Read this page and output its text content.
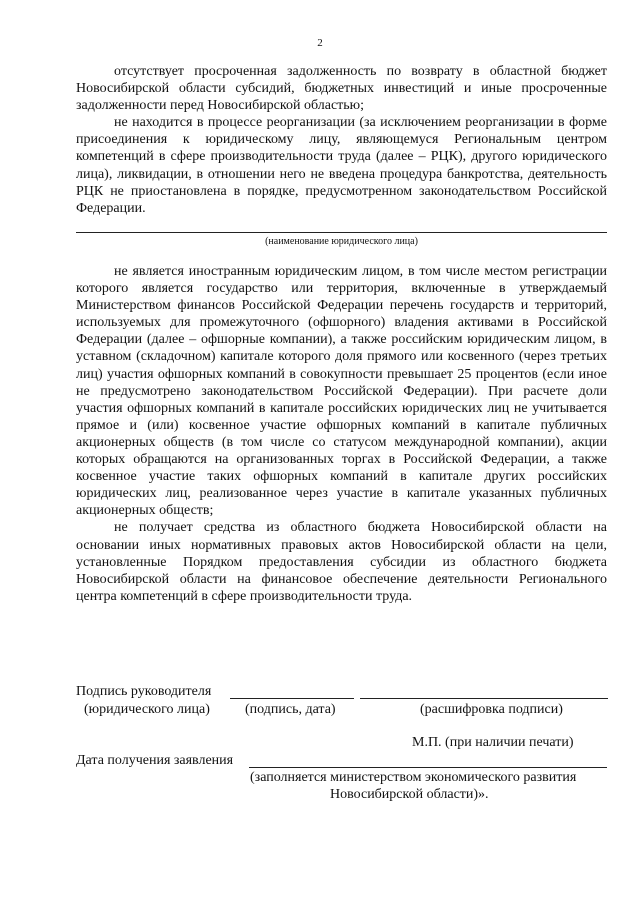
2

отсутствует просроченная задолженность по возврату в областной бюджет Новосибирской области субсидий, бюджетных инвестиций и иные просроченные задолженности перед Новосибирской областью;

не находится в процессе реорганизации (за исключением реорганизации в форме присоединения к юридическому лицу, являющемуся Региональным центром компетенций в сфере производительности труда (далее – РЦК), другого юридического лица), ликвидации, в отношении него не введена процедура банкротства, деятельность РЦК не приостановлена в порядке, предусмотренном законодательством Российской Федерации.

(наименование юридического лица)

не является иностранным юридическим лицом, в том числе местом регистрации которого является государство или территория, включенные в утверждаемый Министерством финансов Российской Федерации перечень государств и территорий, используемых для промежуточного (офшорного) владения активами в Российской Федерации (далее – офшорные компании), а также российским юридическим лицом, в уставном (складочном) капитале которого доля прямого или косвенного (через третьих лиц) участия офшорных компаний в совокупности превышает 25 процентов (если иное не предусмотрено законодательством Российской Федерации). При расчете доли участия офшорных компаний в капитале российских юридических лиц не учитывается прямое и (или) косвенное участие офшорных компаний в капитале публичных акционерных обществ (в том числе со статусом международной компании), акции которых обращаются на организованных торгах в Российской Федерации, а также косвенное участие таких офшорных компаний в капитале других российских юридических лиц, реализованное через участие в капитале указанных публичных акционерных обществ;

не получает средства из областного бюджета Новосибирской области на основании иных нормативных правовых актов Новосибирской области на цели, установленные Порядком предоставления субсидии из областного бюджета Новосибирской области на финансовое обеспечение деятельности Регионального центра компетенций в сфере производительности труда.

Подпись руководителя
(юридического лица)	(подпись, дата)	(расшифровка подписи)
М.П. (при наличии печати)
Дата получения заявления
(заполняется министерством экономического развития
Новосибирской области)».
